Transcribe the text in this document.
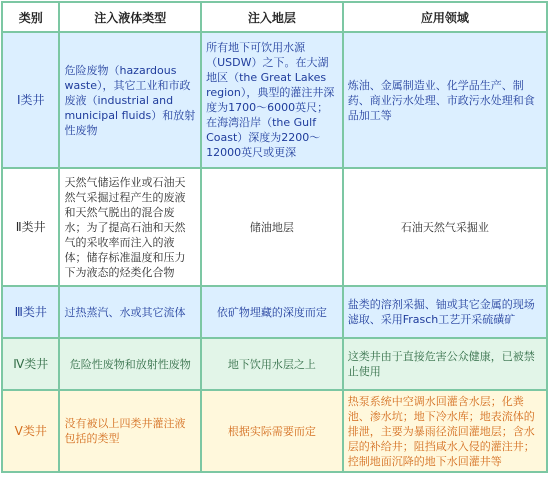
类别	注入液体类型	注入地层	应用领域

Ⅰ类井	危险废物（hazardous waste），其它工业和市政废液（industrial and municipal fluids）和放射性废物	所有地下可饮用水源（USDW）之下。在大湖地区（the Great Lakes region），典型的灌注井深度为1700～6000英尺；在海湾沿岸（the Gulf Coast）深度为2200～12000英尺或更深	炼油、金属制造业、化学品生产、制药、商业污水处理、市政污水处理和食品加工等

Ⅱ类井	天然气储运作业或石油天然气采掘过程产生的废液和天然气脱出的混合废水；为了提高石油和天然气的采收率而注入的液体；储存标准温度和压力下为液态的烃类化合物	储油地层	石油天然气采掘业

Ⅲ类井	过热蒸汽、水或其它流体	依矿物埋藏的深度而定	盐类的溶剂采掘、铀或其它金属的现场滤取、采用Frasch工艺开采硫磺矿

Ⅳ类井	危险性废物和放射性废物	地下饮用水层之上	这类井由于直接危害公众健康，已被禁止使用

Ⅴ类井	没有被以上四类井灌注液包括的类型	根据实际需要而定	热泵系统中空调水回灌含水层；化粪池、渗水坑；地下冷水库；地表流体的排泄，主要为暴雨径流回灌地层；含水层的补给井；阻挡咸水入侵的灌注井；控制地面沉降的地下水回灌井等
